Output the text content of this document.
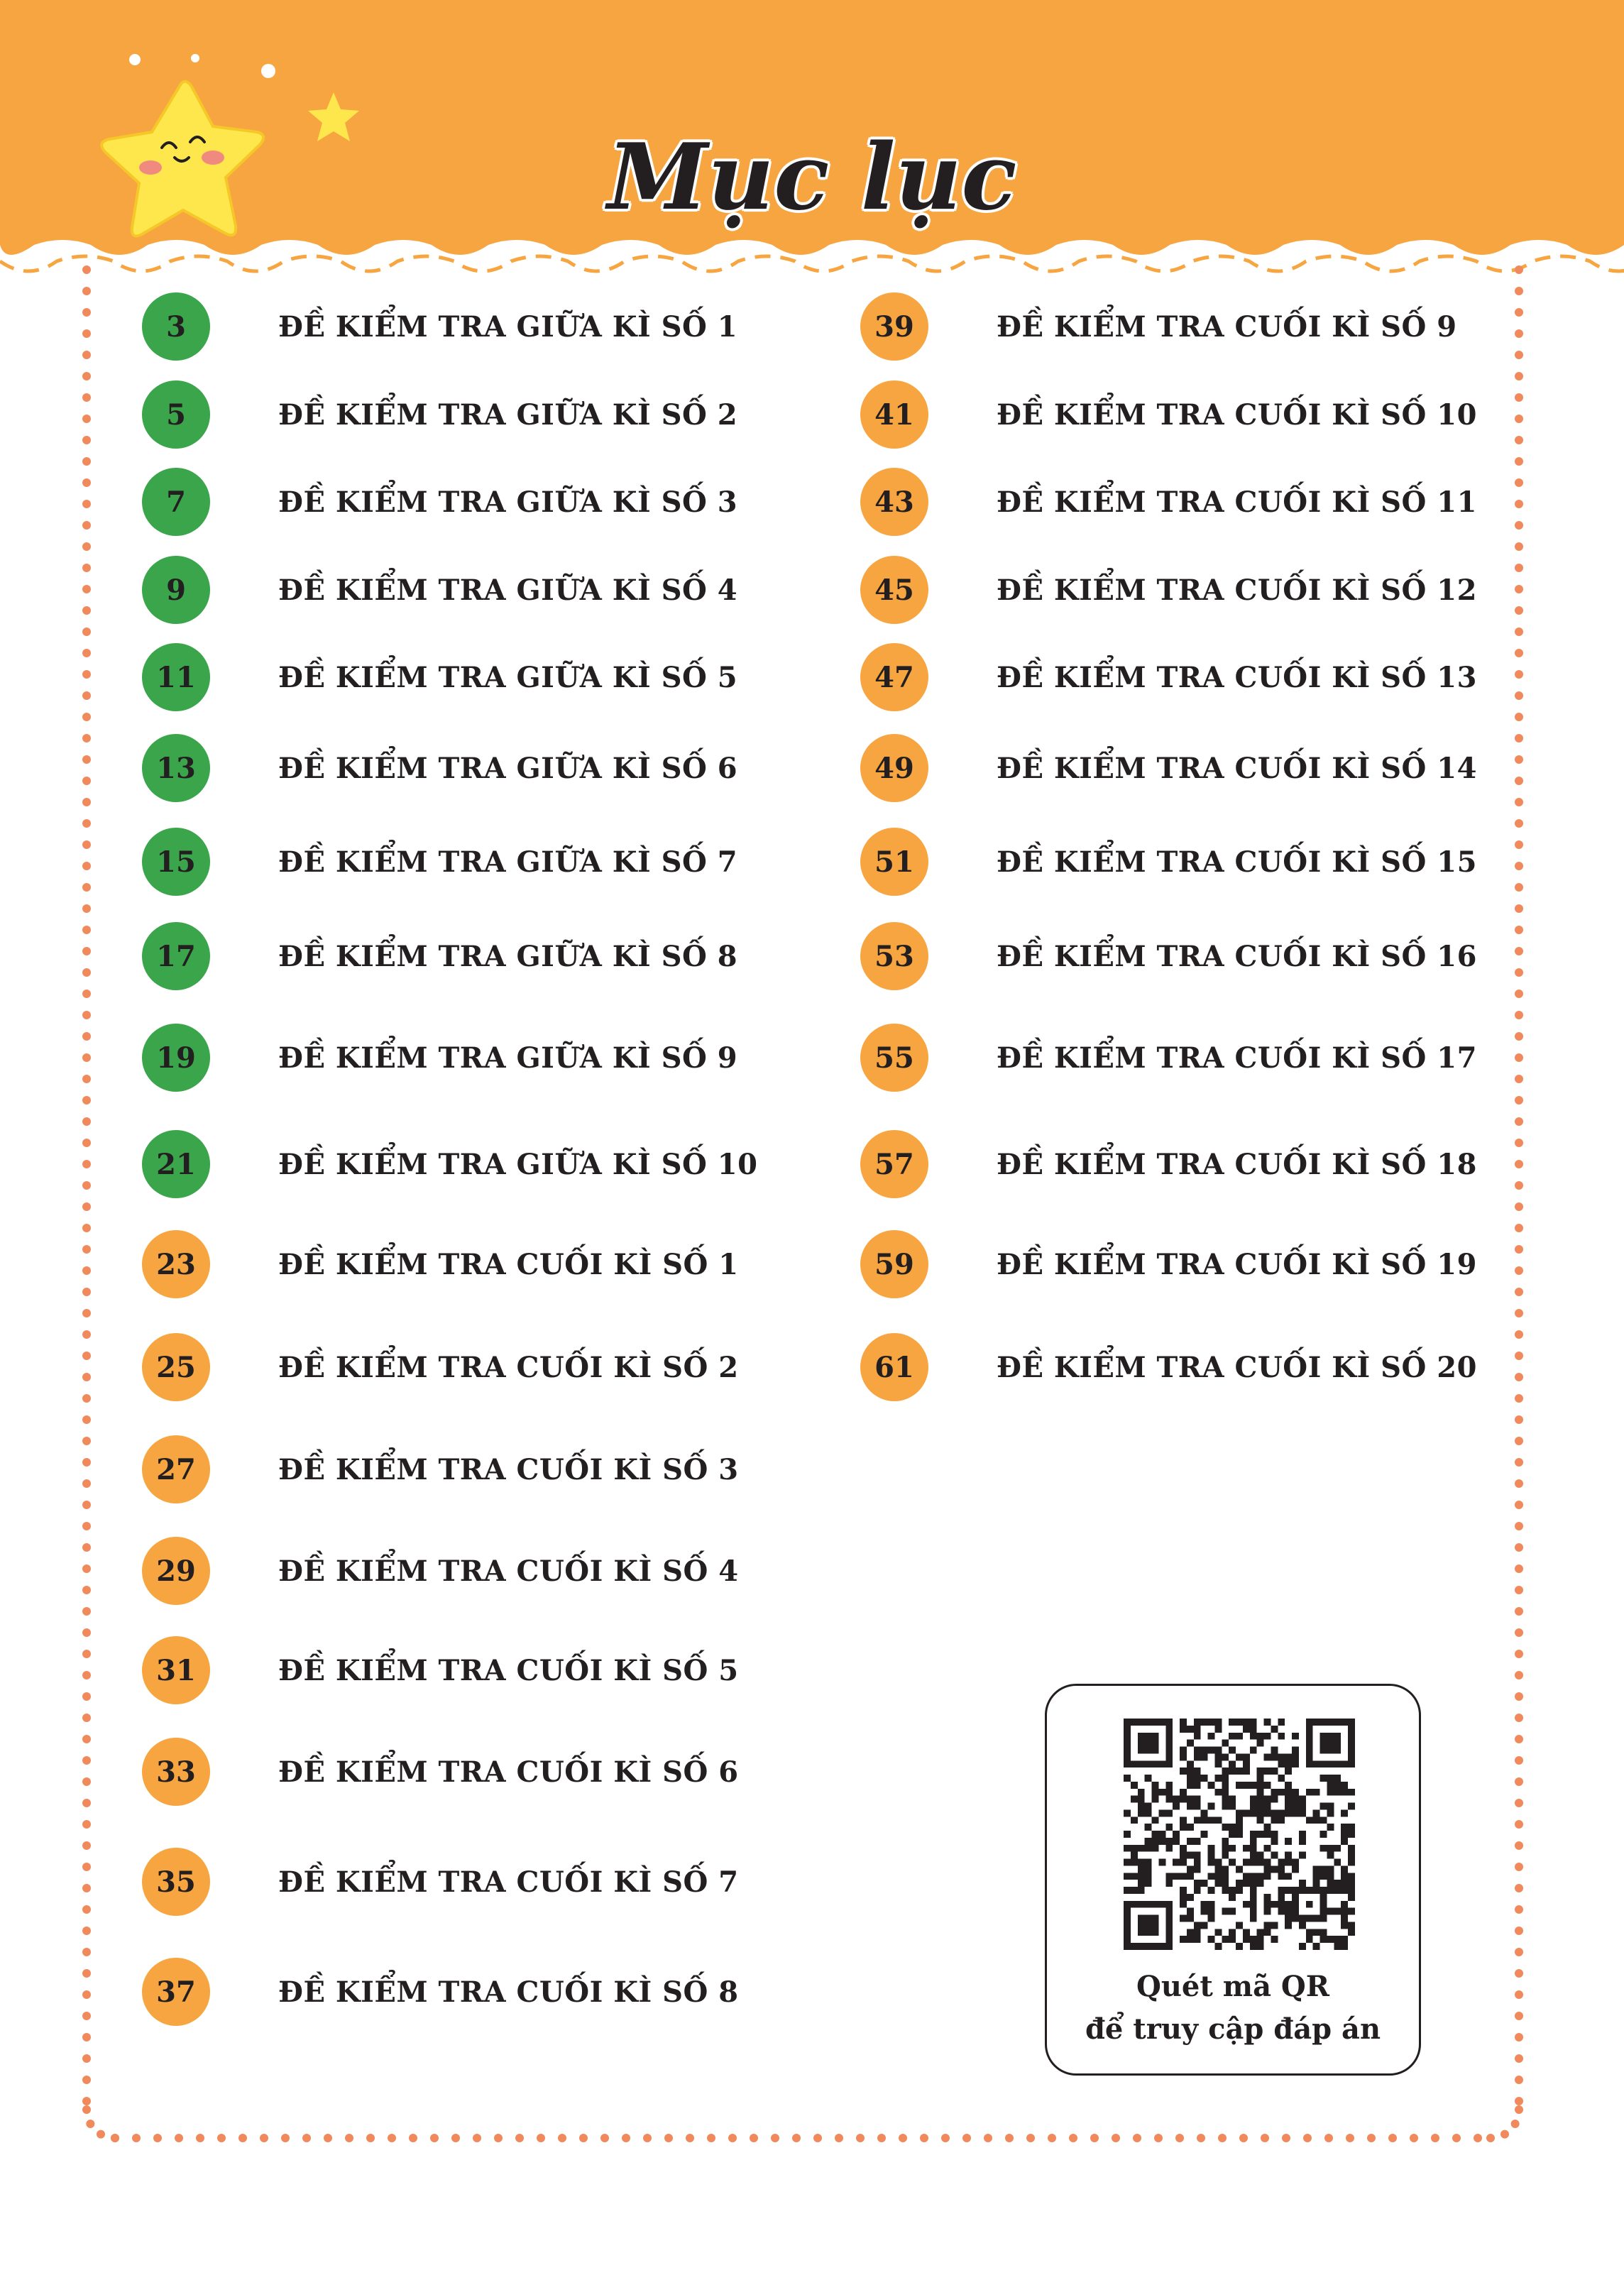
Mục lục
3	ĐỀ KIỂM TRA GIỮA KÌ SỐ 1
5	ĐỀ KIỂM TRA GIỮA KÌ SỐ 2
7	ĐỀ KIỂM TRA GIỮA KÌ SỐ 3
9	ĐỀ KIỂM TRA GIỮA KÌ SỐ 4
11	ĐỀ KIỂM TRA GIỮA KÌ SỐ 5
13	ĐỀ KIỂM TRA GIỮA KÌ SỐ 6
15	ĐỀ KIỂM TRA GIỮA KÌ SỐ 7
17	ĐỀ KIỂM TRA GIỮA KÌ SỐ 8
19	ĐỀ KIỂM TRA GIỮA KÌ SỐ 9
21	ĐỀ KIỂM TRA GIỮA KÌ SỐ 10
23	ĐỀ KIỂM TRA CUỐI KÌ SỐ 1
25	ĐỀ KIỂM TRA CUỐI KÌ SỐ 2
27	ĐỀ KIỂM TRA CUỐI KÌ SỐ 3
29	ĐỀ KIỂM TRA CUỐI KÌ SỐ 4
31	ĐỀ KIỂM TRA CUỐI KÌ SỐ 5
33	ĐỀ KIỂM TRA CUỐI KÌ SỐ 6
35	ĐỀ KIỂM TRA CUỐI KÌ SỐ 7
37	ĐỀ KIỂM TRA CUỐI KÌ SỐ 8
39	ĐỀ KIỂM TRA CUỐI KÌ SỐ 9
41	ĐỀ KIỂM TRA CUỐI KÌ SỐ 10
43	ĐỀ KIỂM TRA CUỐI KÌ SỐ 11
45	ĐỀ KIỂM TRA CUỐI KÌ SỐ 12
47	ĐỀ KIỂM TRA CUỐI KÌ SỐ 13
49	ĐỀ KIỂM TRA CUỐI KÌ SỐ 14
51	ĐỀ KIỂM TRA CUỐI KÌ SỐ 15
53	ĐỀ KIỂM TRA CUỐI KÌ SỐ 16
55	ĐỀ KIỂM TRA CUỐI KÌ SỐ 17
57	ĐỀ KIỂM TRA CUỐI KÌ SỐ 18
59	ĐỀ KIỂM TRA CUỐI KÌ SỐ 19
61	ĐỀ KIỂM TRA CUỐI KÌ SỐ 20
Quét mã QR
để truy cập đáp án
